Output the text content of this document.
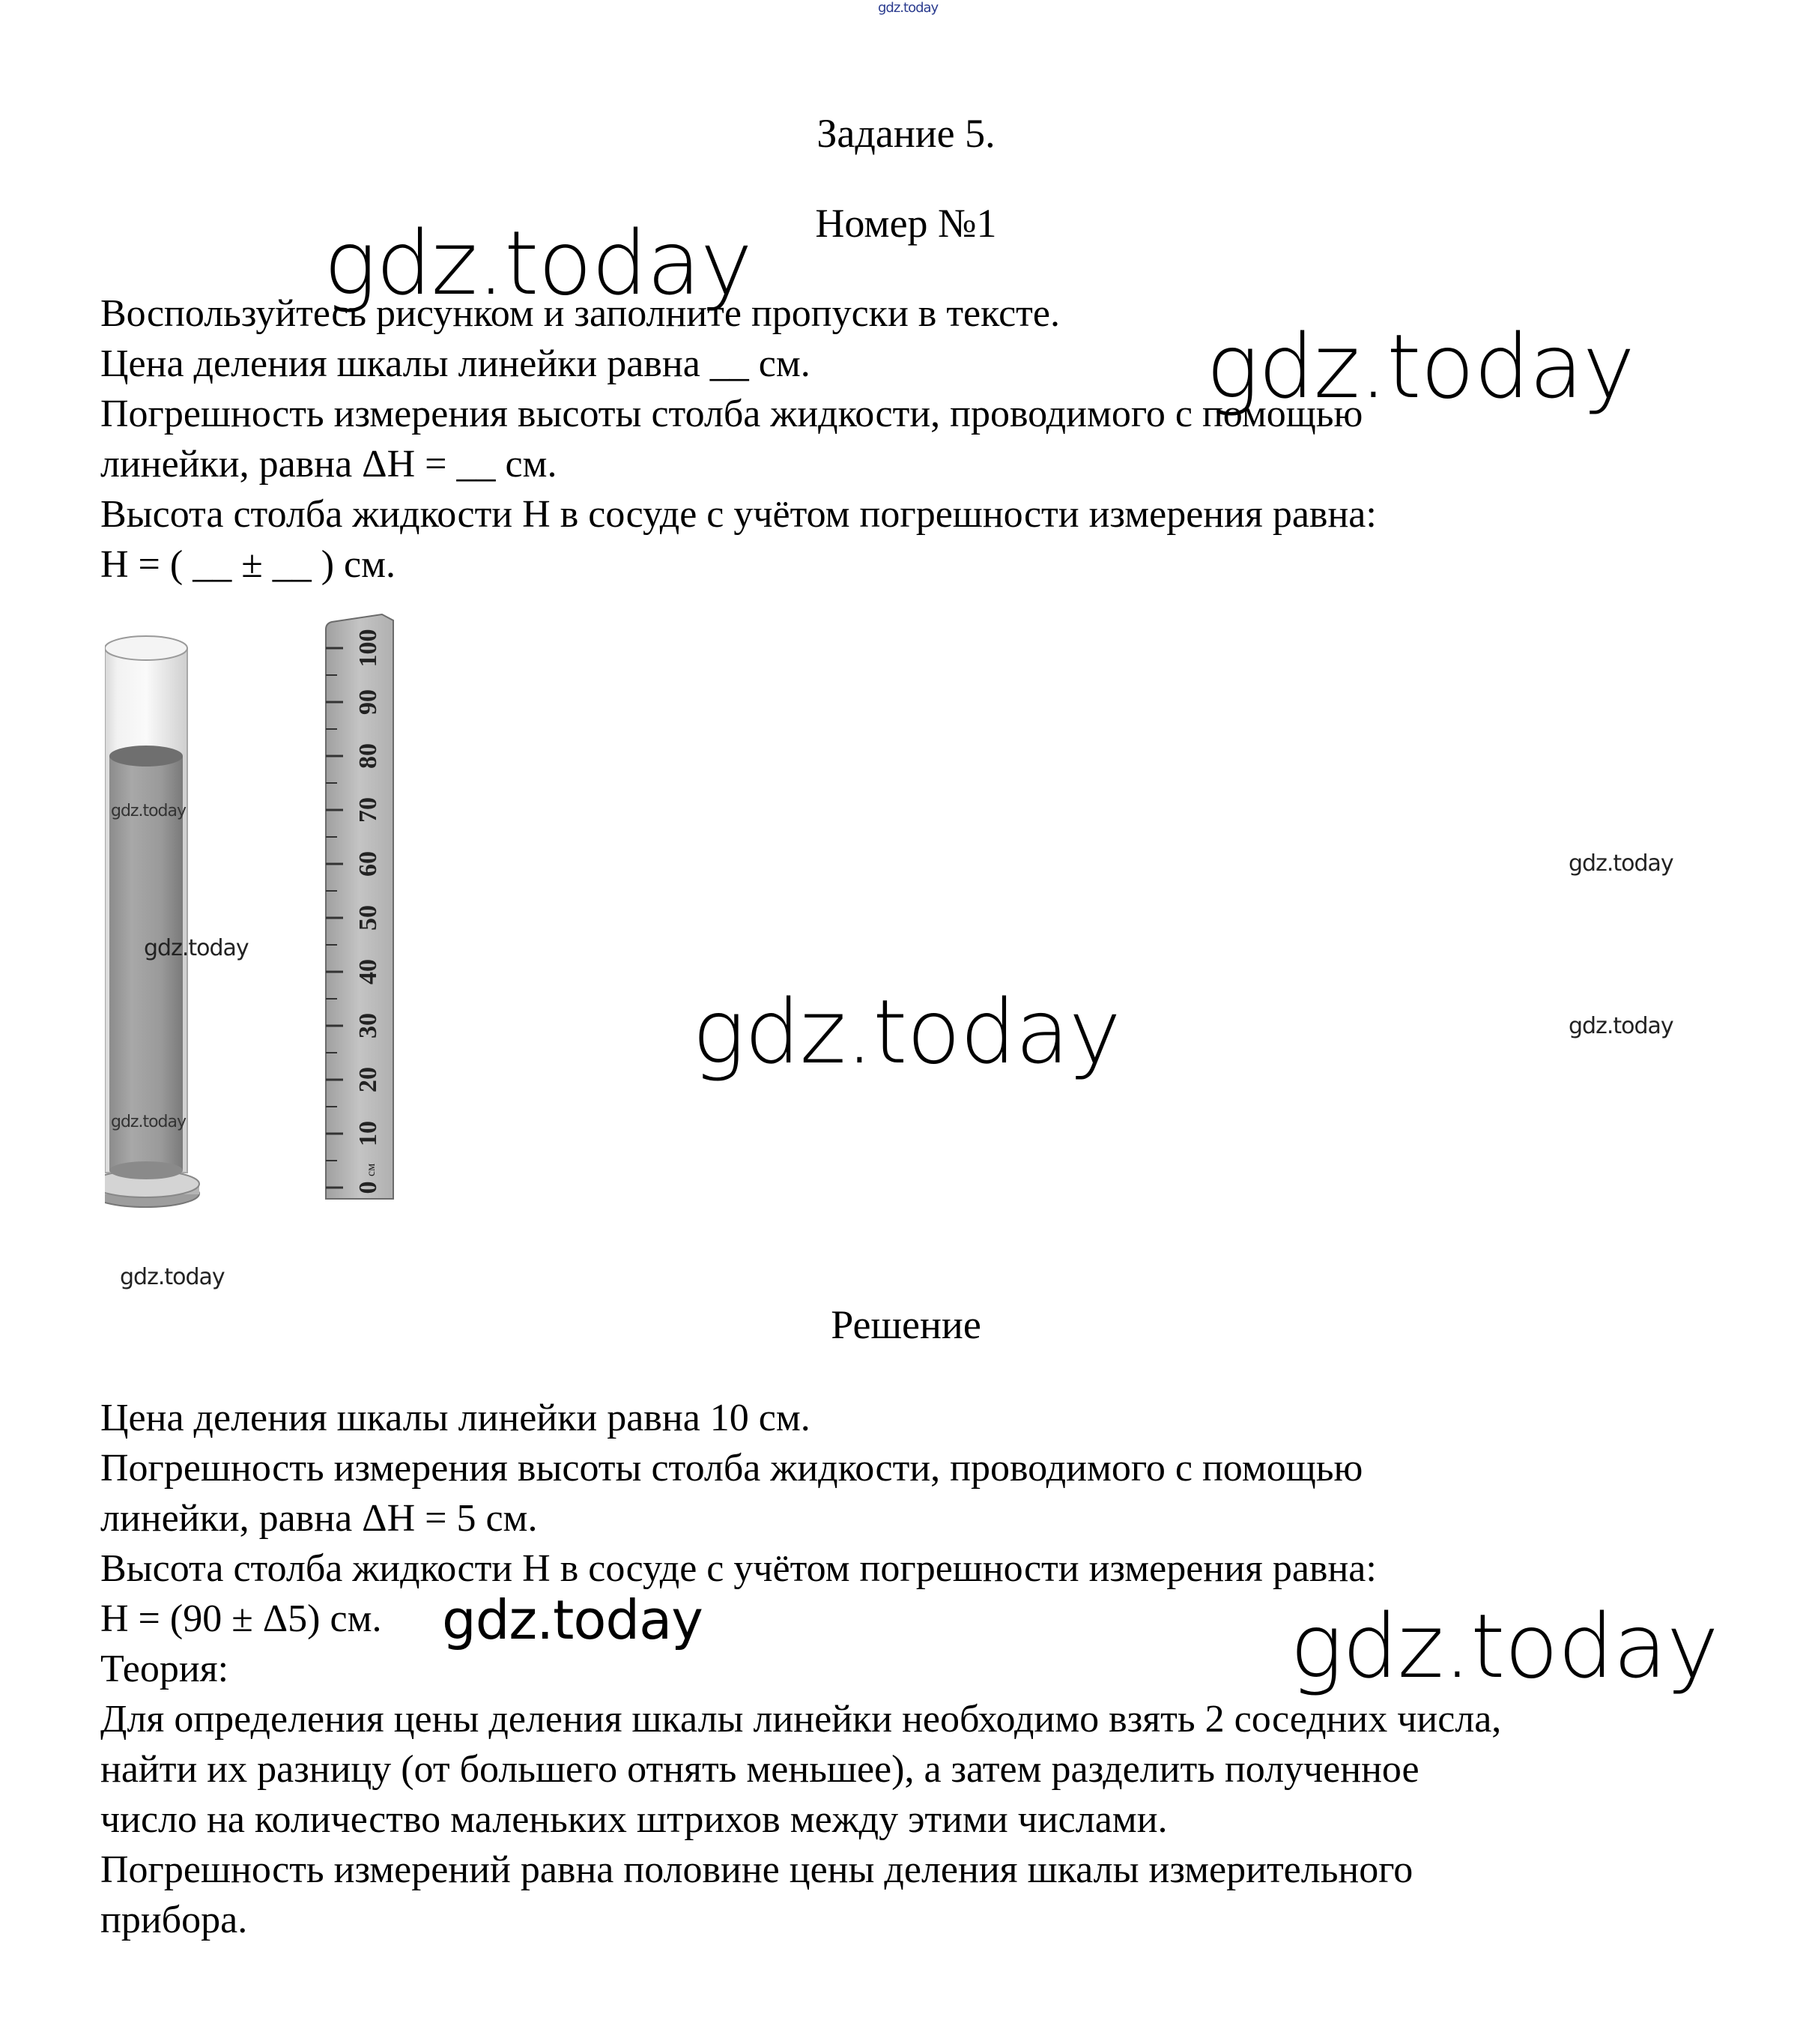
gdz.today
Задание 5.
Номер №1
Воспользуйтесь рисунком и заполните пропуски в тексте.
Цена деления шкалы линейки равна __ см.
Погрешность измерения высоты столба жидкости, проводимого с помощью
линейки, равна ΔH = __ см.
Высота столба жидкости H в сосуде с учётом погрешности измерения равна:
H = ( __ ± __ ) см.
0
10
20
30
40
50
60
70
80
90
100
см
Решение
Цена деления шкалы линейки равна 10 см.
Погрешность измерения высоты столба жидкости, проводимого с помощью
линейки, равна ΔH = 5 см.
Высота столба жидкости H в сосуде с учётом погрешности измерения равна:
H = (90 ± Δ5) см.
Теория:
Для определения цены деления шкалы линейки необходимо взять 2 соседних числа,
найти их разницу (от большего отнять меньшее), а затем разделить полученное
число на количество маленьких штрихов между этими числами.
Погрешность измерений равна половине цены деления шкалы измерительного
прибора.
gdz.today
gdz.today
gdz.today
gdz.today
gdz.today
gdz.today	gdz.today
gdz.today
gdz.today
gdz.today	gdz.today
